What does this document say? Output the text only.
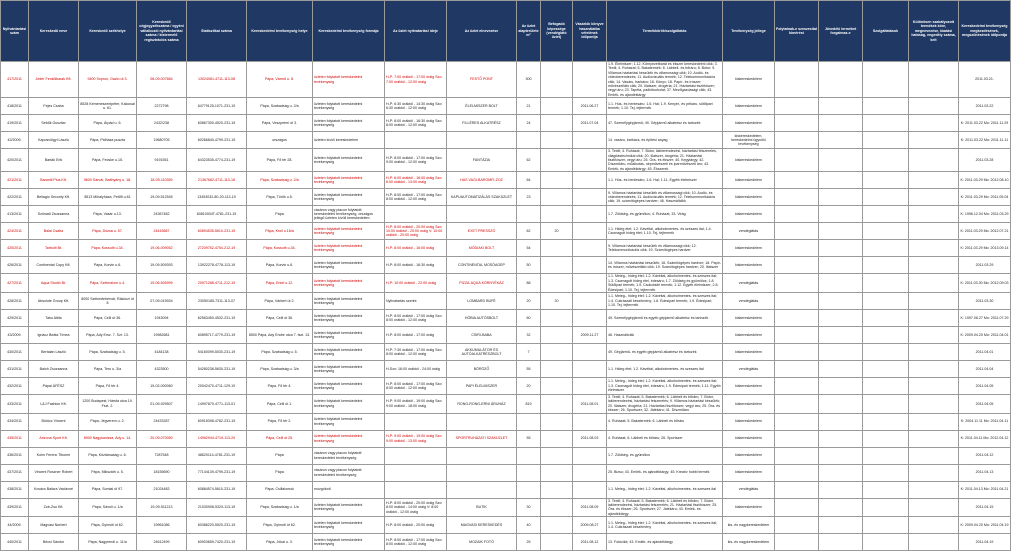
Nyilvántartási szám	Kereskedő neve	Kereskedő székhelye	Kereskedő cégjegyzékszáma / egyéni vállalkozói nyilvántartási száma / kistermelő regisztrációs száma	Statisztikai száma	Kereskedelmi tevékenység helye	Kereskedelmi tevékenység formája	Az üzlet nyitvatartási ideje	Az üzlet elnevezése	Az üzlet alapterülete m²	Befogadó képessége (vendéglátó üzlet)	Vásárlók könyve használatba vételének időpontja	Termékkörök/szolgáltatás	Tevékenység jellege	Folytatnak-e szeszesital kimérést	Jövedéki terméket forgalmaz-e	Szolgáltatások	Különösen szabályozott termékek köre, megnevezése, kiadási hatóság, engedély száma, kelt	Kereskedelmi tevékenység megkezdésének, megszűnésének időpontja
417/2011	Jeder Fenkölkarak Kft.	9400 Sopron, Gazlo út 3.	08-09-007684	13024081-4711-113-08	Pápa, Vármű u. 8.	üzleten folytatott kereskedelmi tevékenység	H-P: 7:00 óráktól - 17:00 óráig Szo: 7:00 óráktól - 12:00 óráig	FESTŐ PONT	300			1.9. Élelmiszer; 1.12. Környezetbarát és ékszer kereskedelmi cikk; 3. Textil; 4. Ruházat; 5. Bakatermék; 6. Lábbeli- és bőráru; 8. Bútor; 9. Villamos háztartási készülék és villamossági cikk; 10. Audió- és videoberendezés; 11. Audiovizuális termék; 12. Telekommunikációs cikk; 14. Vasáru, barkács; 16. Könyv; 18. Papír- és írószer; művészellátó cikk; 20. Illatszer, drogéria; 21. Háztartási tisztítószer; vegyi áru; 23. Tapéta, padlóburkolat; 37. Mezőgazdasági cikk; 43. Emlék- és ajándéktárgy	kiskereskedelem					2011.03.21.
418/2011	Fejes Csaba	8528 Kemeneszentpéter, Kalocsai u. 61.	2272798	64779125-1071-231-19	Pápa, Szabadság u. 2/a	üzleten folytatott kereskedelmi tevékenység	H-P: 6:30 óráktól - 14:30 óráig Szo: 6:30 óráktól - 12:00 óráig	ÉLELMISZER BOLT	21		2011.06.27	1.1. Hús- és hentesáru; 1.6. Hal; 1.9. Kenyér- és pékáru, sütőipari termék; 1.10. Tej, tejtermék	kiskereskedelem					2011.03.22
419/2011	Sebők Gusztáv	Pápa, Árpád u. 6.	2432/238	60867300-4520-231-19	Pápa, Veszprémi út 3.	üzleten folytatott kereskedelmi tevékenység	H-P: 8:00 óráktól - 16:30 óráig Szo: 8:00 óráktól - 12:00 óráig	FILLÉRES ALKATRÉSZ	24		2011.07.04	47. Személygépjármű; 49. Gépjármű alkatrész és tartozék	kiskereskedelem					K: 2011.03.22 Mo: 2011.11.29
42/2009.	Kaposvölgyi László	Pápa, Pálháza puszta	19680705	60266840-4799-231-19	országos	üzleten kívüli kereskedelem						14. vasáru, barkács, és építési anyag	kiskereskedelem, kereskedelmi ügynöki tevékenység					K: 2011.03.22 Mo: 2011.11.11
420/2011	Barták Erik	Pápa, Fecske u.15.	9191551	64323535-4774-231-19	Pápa, Fő tér 28.	üzleten folytatott kereskedelmi tevékenység	H-P: 8:00 óráktól - 17:00 óráig Szo: 9:00 óráktól - 12:00 óráig	FANTÁZIA	62			3. Textil; 4. Ruházat; 7. Bútor, lakberendezési, háztartási felszerelés, világítástechnikai cikk; 20. Illatszer, drogéria; 21. Háztartási tisztítószer, vegyi áru; 25. Óra- és ékszer; 40. Kegytárgy; 42. Díszműáru, műalkotás, népművészeti és iparművészeti áru; 43. Emlék- és ajándéktárgy; 45. Ékszerek	kiskereskedelem					2011.03.28
421/2011	Barantil Plus Kft.	9600 Sárvár, Batthyány u. 18.	18-09-110359	21367662-4711-113-18	Pápa, Szabadság u. 2/a	üzleten folytatott kereskedelmi tevékenység	H-P: 6:00 óráktól - 16:00 óráig Szo: 6:00 óráktól - 13:00 óráig	HAS VAGI-BAROMFI-ZOZ	64			1.1. Hús- és hentesáru; 1.6. Hal; 1.11. Egyéb élelmiszer	kiskereskedelem					K: 2011.03.29 Mo: 2012.08.10
422/2011	Bellagio Security Kft.	8513 Mihályháza, Petőfi u.61	19-09-512545	13453032-80-20-113-19	Pápa, Török u.5.	üzleten folytatott kereskedelmi tevékenység	H-P: 8:00 óráktól - 17:00 óráig Szo: 8:00 óráktól - 12:00 óráig	KAPUAUTOMATIZÁLÁS SZAKÜZLET	23			9. Villamos háztartási készülék és villamossági cikk; 10. Audió- és videoberendezés; 11. Audiovizuális termék; 12. Telekommunikációs cikk; 19. számítógépes hardver; 46. Használtcikk	kiskereskedelem					K: 2011.03.29 Mo: 2011.05.04
413/2011	Szönadi Zsuzsanna	Pápa, Vasár u.13.	24367482	60810004T-4781-231-19	Pápa	vásáron vagy piacon folytatott kereskedelmi tevékenység, országos jellegű üzleten kívüli kereskedelem						1.7. Zöldség- és gyümölcs; 4. Ruházat; 33. Virág	kiskereskedelem					K: 1996.12.04 Mo: 2011.03.29
424/2011	Balai Csaba	Pápa, Dózsa u. 57.	24415687	60894535-5610-231-19	Pápa, Kroll u.16/a	üzleten folytatott kereskedelmi tevékenység	H-P: 8:00 óráktól - 20:00 óráig Szo: 10:00 óráktól - 20:00 óráig V: 10:00 óráktól - 20:00 óráig	EXET PRESSZÓ	62	20		1.1. Hideg étel; 1.2. Kávéital, alkoholmentes- és szeszes ital; 1.4. Csomagolt hideg étel; 1.10. Tej, tejtermék	vendéglátás					K: 2011.03.29 Mo: 2012.07.21
425/2011	Tarbolit Bt.	Pápa, Kossuth u.34.	19-06-009052	27209752-4754-212-19	Pápa, Kossuth u.34.	üzleten folytatott kereskedelmi tevékenység	H-P: 8:00 óráktól - 16:00 óráig	MÓDIAKI BOLT	54			9. Villamos háztartási készülék és villamossági cikk; 12. Telekommunikációs cikk; 19. Számítógépes hardver	kiskereskedelem					K: 2011.03.29 Mo: 2013.09.14
426/2011	Continental Copy Kft.	Pápa, Korvin u.6.	19-09-509393	13922278-4778-113-19	Pápa, Korvin u.6.	üzleten folytatott kereskedelmi tevékenység	H-P: 8:00 óráktól - 16:30 óráig	CONTINENTAL MOSÓAGEP	50			14. Villamos háztartási készülék; 16. Számítógépes hardver; 18. Papír- és írószer, művészellátó cikk; 19. Számítógépes hardver; 20. Illatszer	kiskereskedelem					2011.03.29
427/2011	Aqua Studió Bt.	Pápa, Szélmalom u.4.	19-06-505999	20971286-4711-212-19	Pápa, Erkel u.12.	üzleten folytatott kereskedelmi tevékenység	H-P: 10:00 óráktól - 22:00 óráig	PIZZA-AQUA KÖRNYÉKÁZ	88			1.1. Meleg-, hideg étel; 1.2. Kávéital, alkoholmentes- és szeszes ital; 1.3. Csomagolt hideg étel, édesáru; 1.7. Zöldség és gyümölcs; 1.8. Sütőipari termék; 1.9. Csokoládé termék; 1.12. Egyéb élelmiszer; 2.8. Édesipari; 1.10. Tej, tejtermék	vendéglátás					K: 2011.03.30 Mo: 2012.09.03
428/2011	Absolute Group Kft.	8000 Székesfehérvár, Rákóczi út 8	07-09-015934	23050185-7311-113-07	Pápa, Várkert út 2.	üzleten folytatott kereskedelmi tevékenység	Nyitvatartás szerint	LOMBARD BÜFÉ	20	20		1.1. Meleg-, hideg étel; 1.2. Kávéital, alkoholmentes- és szeszes ital; 1.4. Cukrászati készítmény; 1.8. Édesipari termék; 1.9. Édesipari; 1.10. Tej, tejtermék	vendéglátás					2011.03.30
429/2011	Tako Attila	Pápa, Celli út 36.	1943094	62563450-4532-231-19	Pápa, Celli út 36.	üzleten folytatott kereskedelmi tevékenység	H-P: 8:00 óráktól - 17:00 óráig Szo: 8:00 óráktól - 12:00 óráig	HÓBIA AUTÓSBOLT	60			49. Személygépjármű és egyéb gépjármű alkatrész és tartozék	kiskereskedelem					K: 1997.08.27 Mo: 2011.07.29
43/2009.	Ignácz Beáta Tímea	Pápa, Ady Ersz. 7. Szt. 13.	19982681	60895717-4779-231-19	8500 Pápa, Ady Endre utca 7. fszt. 13.	üzleten folytatott kereskedelmi tevékenység	H-P: 8:00 óráktól - 17:00 óráig	CSIRI-BABA	32		2009.11.27	46. Használtcikk	kiskereskedelem					K: 2009.04.20 Mo: 2011.04.01
430/2011	Bertalan László	Pápa, Szabadság u. 5.	4184138	54160099-5030-231-19	Pápa, Szabadság u. 5.	üzleten folytatott kereskedelmi tevékenység	H-P: 7:30 óráktól - 17:00 óráig Szo: 8:00 óráktól - 12:00 óráig	AKKUMULÁTOR ÉS AUTÓALKATRÉSZBOLT	7			49. Gépjármű- és egyéb gépjármű alkatrész és tartozék	kiskereskedelem					2011.04.01
431/2011	Baloh Zsuzsanna	Pápa, Teru u. 3/a	4323500	54280238-5630-231-19	Pápa, Szabadság u. 3/a	üzleten folytatott kereskedelmi tevékenység	H-Szo: 16:00 óráktól - 24:00 óráig	BÖRÖZŐ	55			1.1. Hideg étel; 1.2. Kávéital, alkoholmentes- és szeszes ital	vendéglátás					2011.04.04
432/2011	Pápai ÁFÉSZ	Pápa, Fő tér 4.	19-02-000060	20042470-4711-129-19	Pápa, Fő tér 4.	üzleten folytatott kereskedelmi tevékenység	H-P: 8:00 óráktól - 17:00 óráig Szo: 8:00 óráktól - 12:00 óráig	PAPI ÉLELMISZER	20			1.1. Meleg-, hideg étel; 1.2. Kávéital, alkoholmentes- és szeszes ital; 1.3. Csomagolt hideg étel, édesáru; 1.9. Édesipari termék; 1.11. Egyéb élelmiszer	kiskereskedelem					2011.04.05
433/2011	L&J Fashion Kft.	1200 Budapest, Hársfa utca 19. Fszt. 2.	01-09-929507	14997870-4771-113-01	Pápa, Celli út 1.	üzleten folytatott kereskedelmi tevékenység	H-P: 9:00 óráktól - 19:00 óráig Szo: 9:00 óráktól - 18:00 óráig	RONG-RONG-ERNI ÁRUHÁZ	819		2011.08.01	3. Textil; 4. Ruházat; 5. Bakatermék; 6. Lábbeli és bőráru; 7. Bútor, lakberendezési, háztartási felszerelés; 9. Villamos háztartási készülék; 20. Illatszer, drogéria; 21. Háztartási tisztítószer, vegyi áru; 25. Óra- és ékszer; 26. Sportszer; 32. Játékáru; 41. Díszműáru	kiskereskedelem					2011.04.05
434/2011	Böröcz Vincent	Pápa, Jégverem u. 2.	24433287	60918398-4782-231-19	Pápa, Fő tér 2.	üzleten folytatott kereskedelmi tevékenység						4. Ruházat; 5. Bakatermék; 6. Lábbeli és bőráru	kiskereskedelem					K: 2004.11.11 Mo: 2011.04.11
435/2011	Arizona Sport Kft.	8900 Nagykanizsa, Ady u. 14.	20-09-070050	14962944-4719-113-20	Pápa, Celli út 25.	üzleten folytatott kereskedelmi tevékenység	H-P: 9:00 óráktól - 19:00 óráig Szo: 9:00 óráktól - 13:00 óráig	SPORTRUHÁZATI SZAKÜZLET	55		2011.08.03	4. Ruházat; 6. Lábbeli és bőráru; 26. Sportszer	kiskereskedelem					K: 2011.04.11 Mo: 2012.04.12
436/2011	Kohn Ferenc Tiborne	Pápa, Köztársaság u. 6.	7287548	48620114-4781-231-19	Pápa	vásáron vagy piacon folytatott kereskedelmi tevékenység						1.7. Zöldség- és gyümölcs	kiskereskedelem					2011.04.12
437/2011	Vincent Roszner Róbert	Pápa, Mikszáth u. 5.	18155690	77144139-4799-231-19	Pápa	vásáron vagy piacon folytatott kereskedelmi tevékenység						25. Bizsu; 43. Emlék- és ajándéktárgy; 45. Kreatív hobbi termék	kiskereskedelem					2011.04.13
438/2011	Kovács Balázs Vaclávné	Pápa, Somlai út 97.	21024483	60884574-5610-231-19	Pápa, Csillalomok	mozgóbolt						1.1. Meleg-, hideg étel; 1.2. Kávéital, alkoholmentes- és szeszes ital	vendéglátás					K: 2011.04.13 Mo: 2011.04.21
439/2011	Zob-Zsu Kft.	Pápa, Sávoli u. 1/a	19-09-511213	21030908-5320-113-19	Pápa, Szabadság u. 1/a	üzleten folytatott kereskedelmi tevékenység	H-P: 8:00 óráktól - 20:00 óráig Szo: 8:00 óráktól - 14:00 óráig V: 8:00 óráktól - 12:00 óráig	BUTIK	30		2011.08.09	3. Textil; 4. Ruházat; 5. Bakatermék; 6. Lábbeli és bőráru; 7. Bútor, lakberendezési, háztartási felszerelés; 21. Háztartási tisztítószer; 25. Óra- és ékszer; 26. Sportszer; 27. Játékáru; 43. Emlék- és ajándéktárgy	kiskereskedelem					2011.04.15
44/2009.	Magvasi Norbert	Pápa, Gyimóti út 62.	19961086	60386220-5520-231-19	Pápa, Gyimóti út 62.	üzleten folytatott kereskedelmi tevékenység	H-P: 8:00 óráktól - 20:00 óráig	MAGVASI KERESKEDÉS	40		2009.08.27	1.1. Meleg-, hideg étel; 1.2. Kávéital, alkoholmentes- és szeszes ital; 1.4. Cukrászati készítmény	kis- és nagykereskedelem					K: 2009.04.20 Mo: 2011.04.19
440/2011	Bécsi Sándor	Pápa, Nagyrendi u. 11/a	24612499	60903659-7420-231-19	Pápa, Jókai u. 3.	üzleten folytatott kereskedelmi tevékenység	H-P: 8:00 óráktól - 17:00 óráig Szo: 8:00 óráktól - 12:00 óráig	MOZAIK FOTÓ	25		2011.08.12	13. Fotócikk; 43. Emlék- és ajándéktárgy	kis- és nagykereskedelem					2011.04.19
